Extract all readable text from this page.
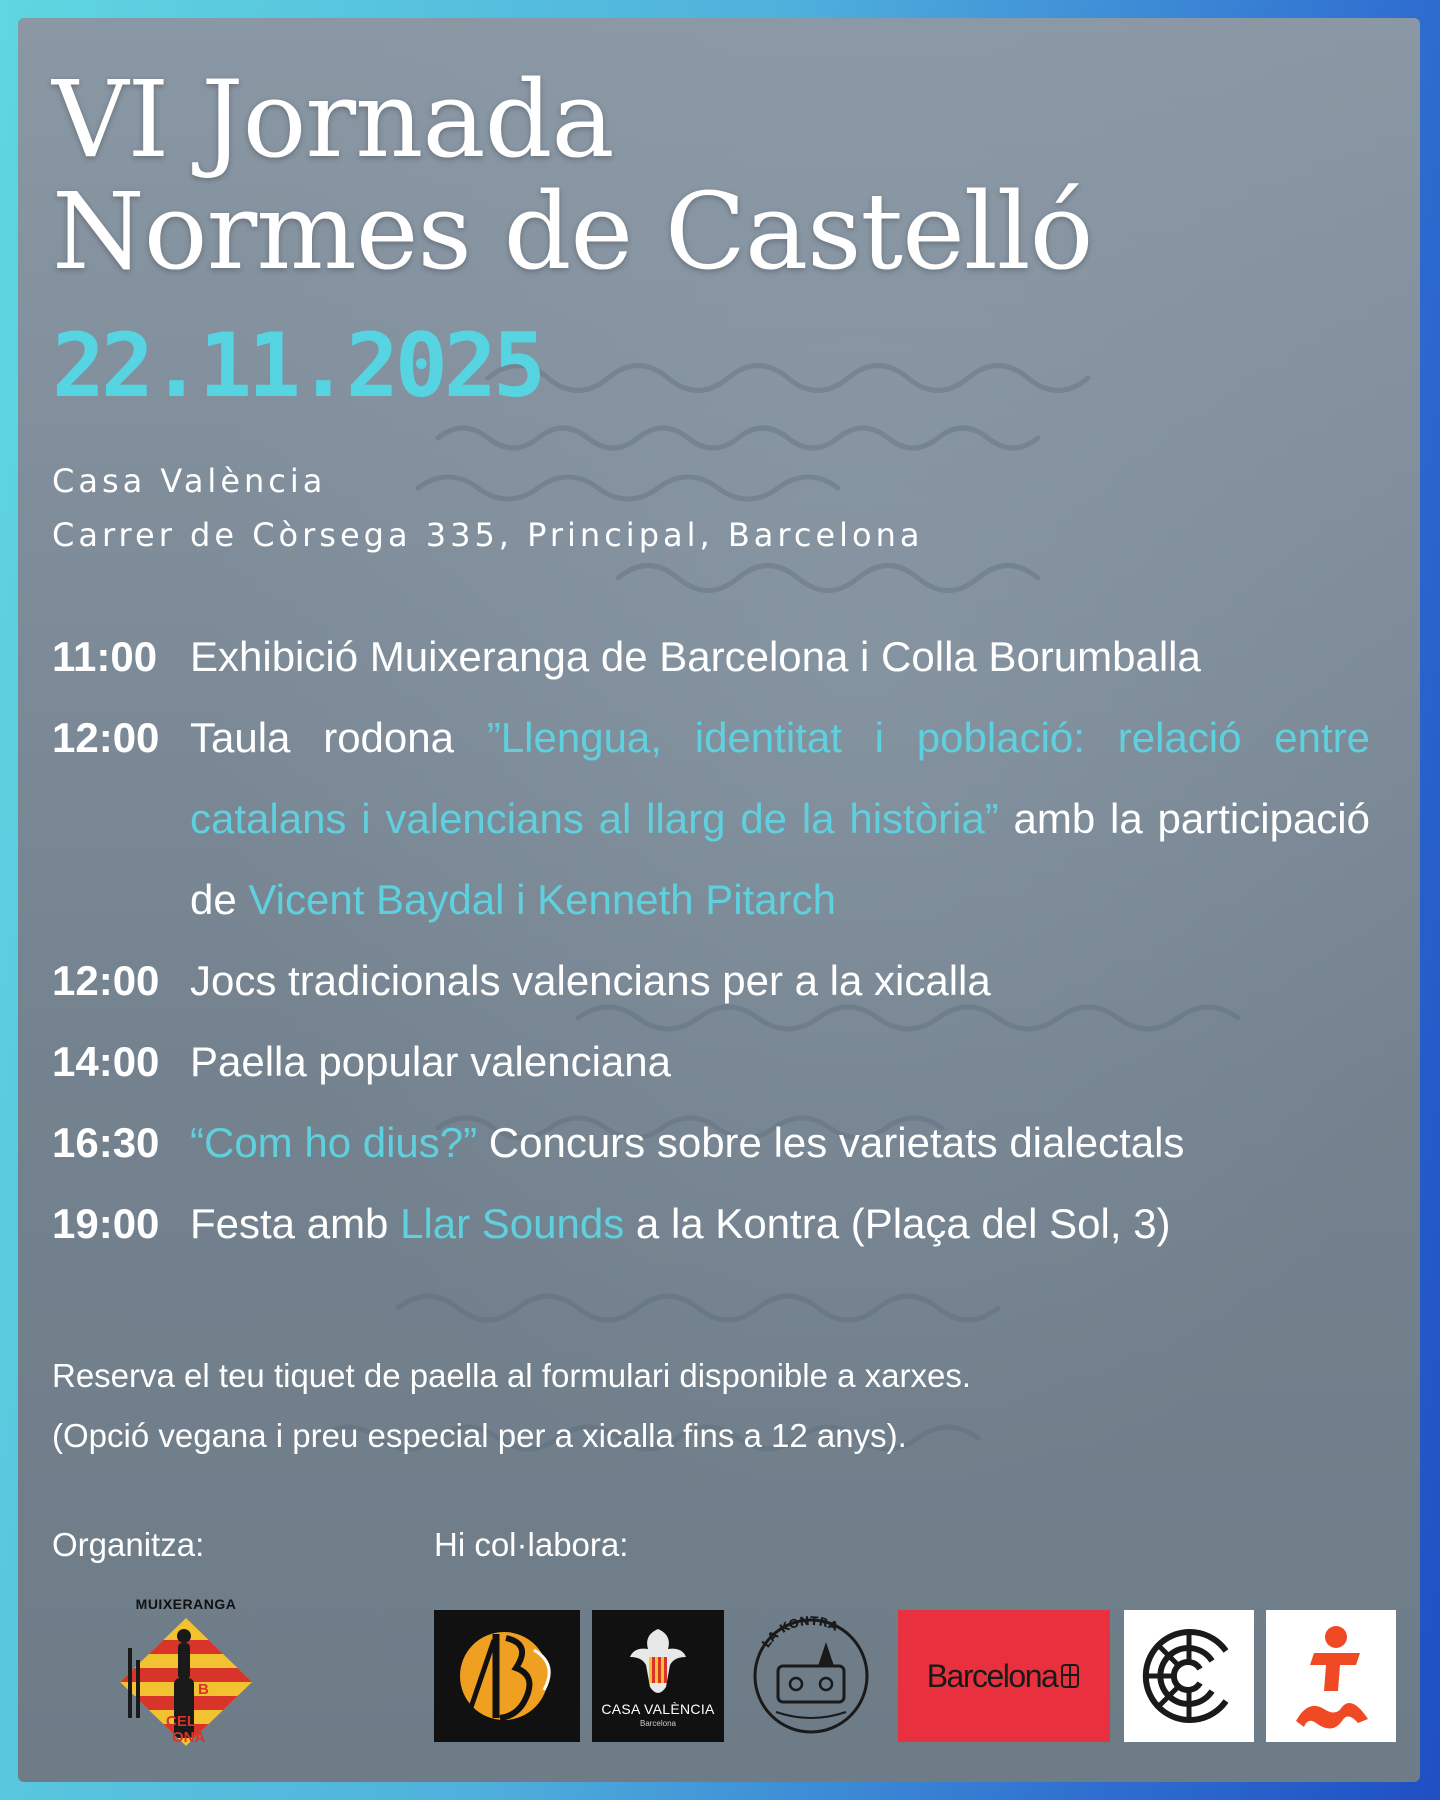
VI Jornada
Normes de Castelló
22.11.2025
Casa València
Carrer de Còrsega 335, Principal, Barcelona
11:00 Exhibició Muixeranga de Barcelona i Colla Borumballa
12:00 Taula rodona ”Llengua, identitat i població: relació entre catalans i valencians al llarg de la història” amb la participació de Vicent Baydal i Kenneth Pitarch
12:00 Jocs tradicionals valencians per a la xicalla
14:00 Paella popular valenciana
16:30 “Com ho dius?” Concurs sobre les varietats dialectals
19:00 Festa amb Llar Sounds a la Kontra (Plaça del Sol, 3)
Reserva el teu tiquet de paella al formulari disponible a xarxes.
(Opció vegana i preu especial per a xicalla fins a 12 anys).
Organitza:	Hi col·labora:
MUIXERANGA
B
AR
CEL
ONA
CASA VALÈNCIA
Barcelona
LA KONTRA
Barcelona
